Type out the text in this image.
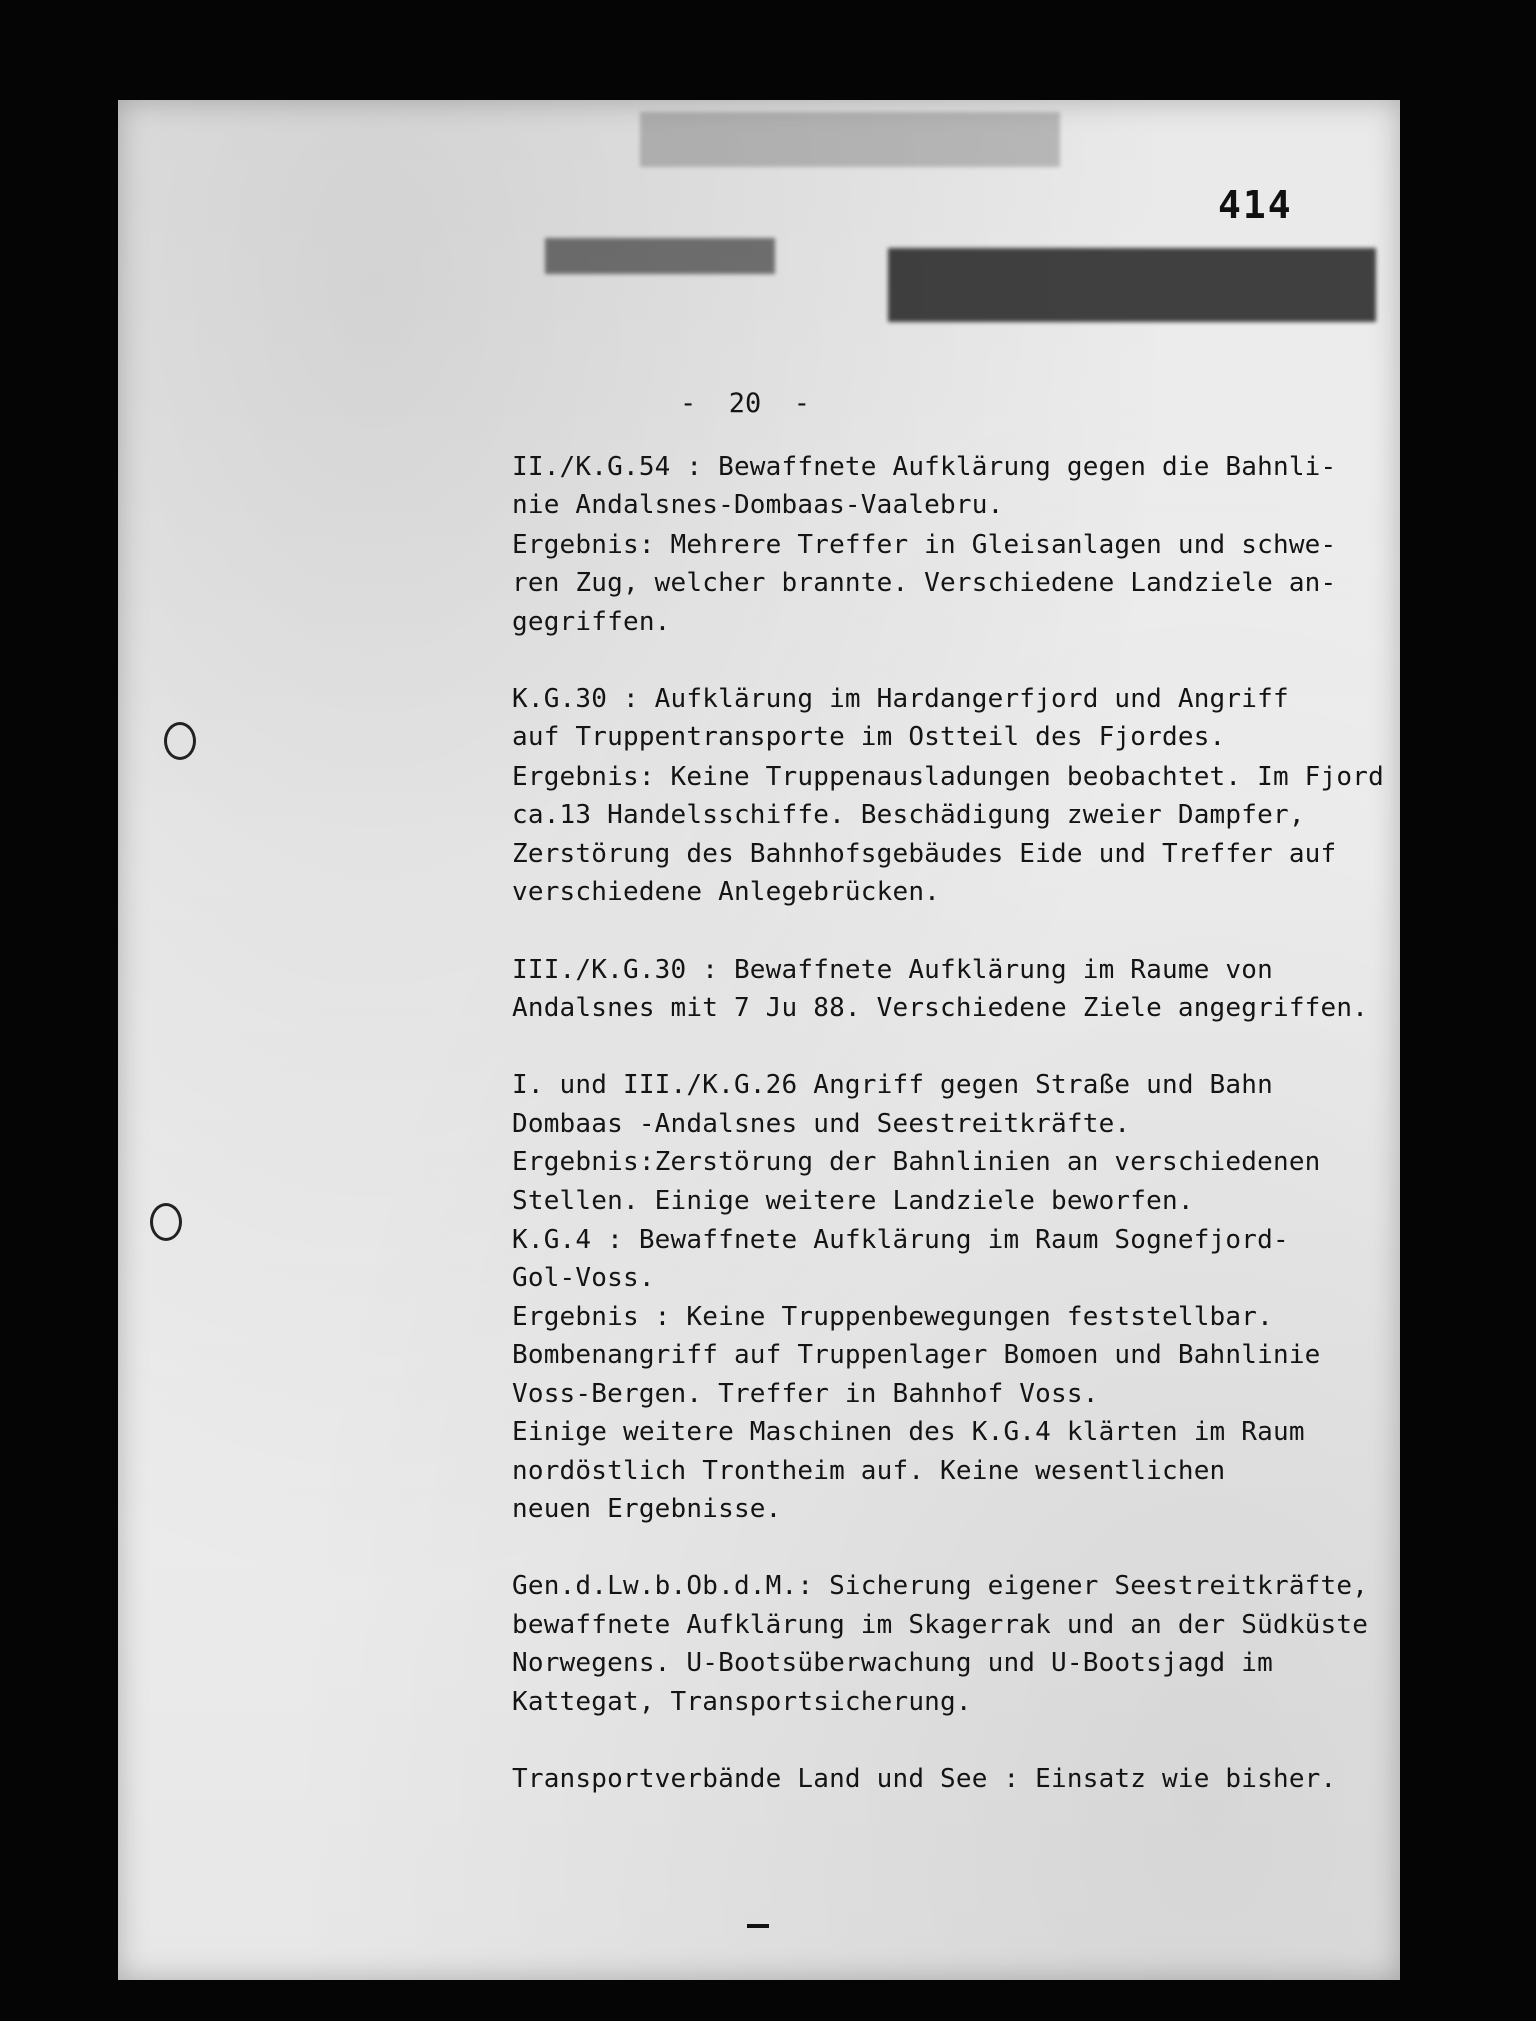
414
-  20  -

II./K.G.54 : Bewaffnete Aufklärung gegen die Bahnli-

nie Andalsnes-Dombaas-Vaalebru.

Ergebnis: Mehrere Treffer in Gleisanlagen und schwe-

ren Zug, welcher brannte. Verschiedene Landziele an-

gegriffen.

K.G.30 : Aufklärung im Hardangerfjord und Angriff

auf Truppentransporte im Ostteil des Fjordes.

Ergebnis: Keine Truppenausladungen beobachtet. Im Fjord

ca.13 Handelsschiffe. Beschädigung zweier Dampfer,

Zerstörung des Bahnhofsgebäudes Eide und Treffer auf

verschiedene Anlegebrücken.

III./K.G.30 : Bewaffnete Aufklärung im Raume von

Andalsnes mit 7 Ju 88. Verschiedene Ziele angegriffen.

I. und III./K.G.26 Angriff gegen Straße und Bahn

Dombaas -Andalsnes und Seestreitkräfte.

Ergebnis:Zerstörung der Bahnlinien an verschiedenen

Stellen. Einige weitere Landziele beworfen.

K.G.4 : Bewaffnete Aufklärung im Raum Sognefjord-

Gol-Voss.

Ergebnis : Keine Truppenbewegungen feststellbar.

Bombenangriff auf Truppenlager Bomoen und Bahnlinie

Voss-Bergen. Treffer in Bahnhof Voss.

Einige weitere Maschinen des K.G.4 klärten im Raum

nordöstlich Trontheim auf. Keine wesentlichen

neuen Ergebnisse.

Gen.d.Lw.b.Ob.d.M.: Sicherung eigener Seestreitkräfte,

bewaffnete Aufklärung im Skagerrak und an der Südküste

Norwegens. U-Bootsüberwachung und U-Bootsjagd im

Kattegat, Transportsicherung.

Transportverbände Land und See : Einsatz wie bisher.
